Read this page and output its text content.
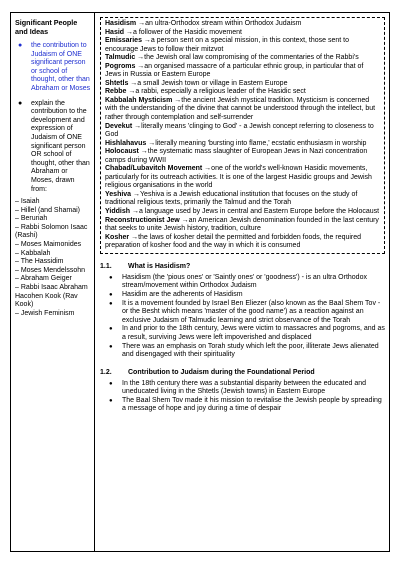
Significant People and Ideas
● the contribution to Judaism of ONE significant person or school of thought, other than Abraham or Moses
● explain the contribution to the development and expression of Judaism of ONE significant person OR school of thought, other than Abraham or Moses, drawn from:
– Isaiah
– Hillel (and Shamai)
– Beruriah
– Rabbi Solomon Isaac (Rashi)
– Moses Maimonides
– Kabbalah
– The Hassidim
– Moses Mendelssohn
– Abraham Geiger
– Rabbi Isaac Abraham Hacohen Kook (Rav Kook)
– Jewish Feminism
Hasidism →an ultra-Orthodox stream within Orthodox Judaism
Hasid →a follower of the Hasidic movement
Emissaries →a person sent on a special mission, in this context, those sent to encourage Jews to follow their mitzvot
Talmudic →the Jewish oral law compromising of the commentaries of the Rabbi's
Pogroms →an organised massacre of a particular ethnic group, in particular that of Jews in Russia or Eastern Europe
Shtetls →a small Jewish town or village in Eastern Europe
Rebbe →a rabbi, especially a religious leader of the Hasidic sect
Kabbalah Mysticism →the ancient Jewish mystical tradition. Mysticism is concerned with the understanding of the divine that cannot be understood through the intellect, but rather through contemplation and self-surrender
Devekut →literally means 'clinging to God' - a Jewish concept referring to closeness to God
Hishlahavus →literally meaning 'bursting into flame,' ecstatic enthusiasm in worship
Holocaust →the systematic mass slaughter of European Jews in Nazi concentration camps during WWII
Chabad/Lubavitch Movement →one of the world's well-known Hasidic movements, particularly for its outreach activities. It is one of the largest Hasidic groups and Jewish religious organisations in the world
Yeshiva →Yeshiva is a Jewish educational institution that focuses on the study of traditional religious texts, primarily the Talmud and the Torah
Yiddish →a language used by Jews in central and Eastern Europe before the Holocaust
Reconstructionist Jew →an American Jewish denomination founded in the last century that seeks to unite Jewish history, tradition, culture
Kosher →the laws of kosher detail the permitted and forbidden foods, the required preparation of kosher food and the way in which it is consumed
1.1. What is Hasidism?
● Hasidism (the 'pious ones' or 'Saintly ones' or 'goodness') - is an ultra Orthodox stream/movement within Orthodox Judaism
● Hasidim are the adherents of Hasidism
● It is a movement founded by Israel Ben Eliezer (also known as the Baal Shem Tov - or the Besht which means 'master of the good name') as a reaction against an exclusive Judaism of Talmudic learning and strict observance of the Torah
● In and prior to the 18th century, Jews were victim to massacres and pogroms, and as a result, surviving Jews were left impoverished and displaced
● There was an emphasis on Torah study which left the poor, illiterate Jews alienated and disengaged with their spirituality
1.2. Contribution to Judaism during the Foundational Period
● In the 18th century there was a substantial disparity between the educated and uneducated living in the Shtetls (Jewish towns) in Eastern Europe
● The Baal Shem Tov made it his mission to revitalise the Jewish people by spreading a message of hope and joy during a time of despair
